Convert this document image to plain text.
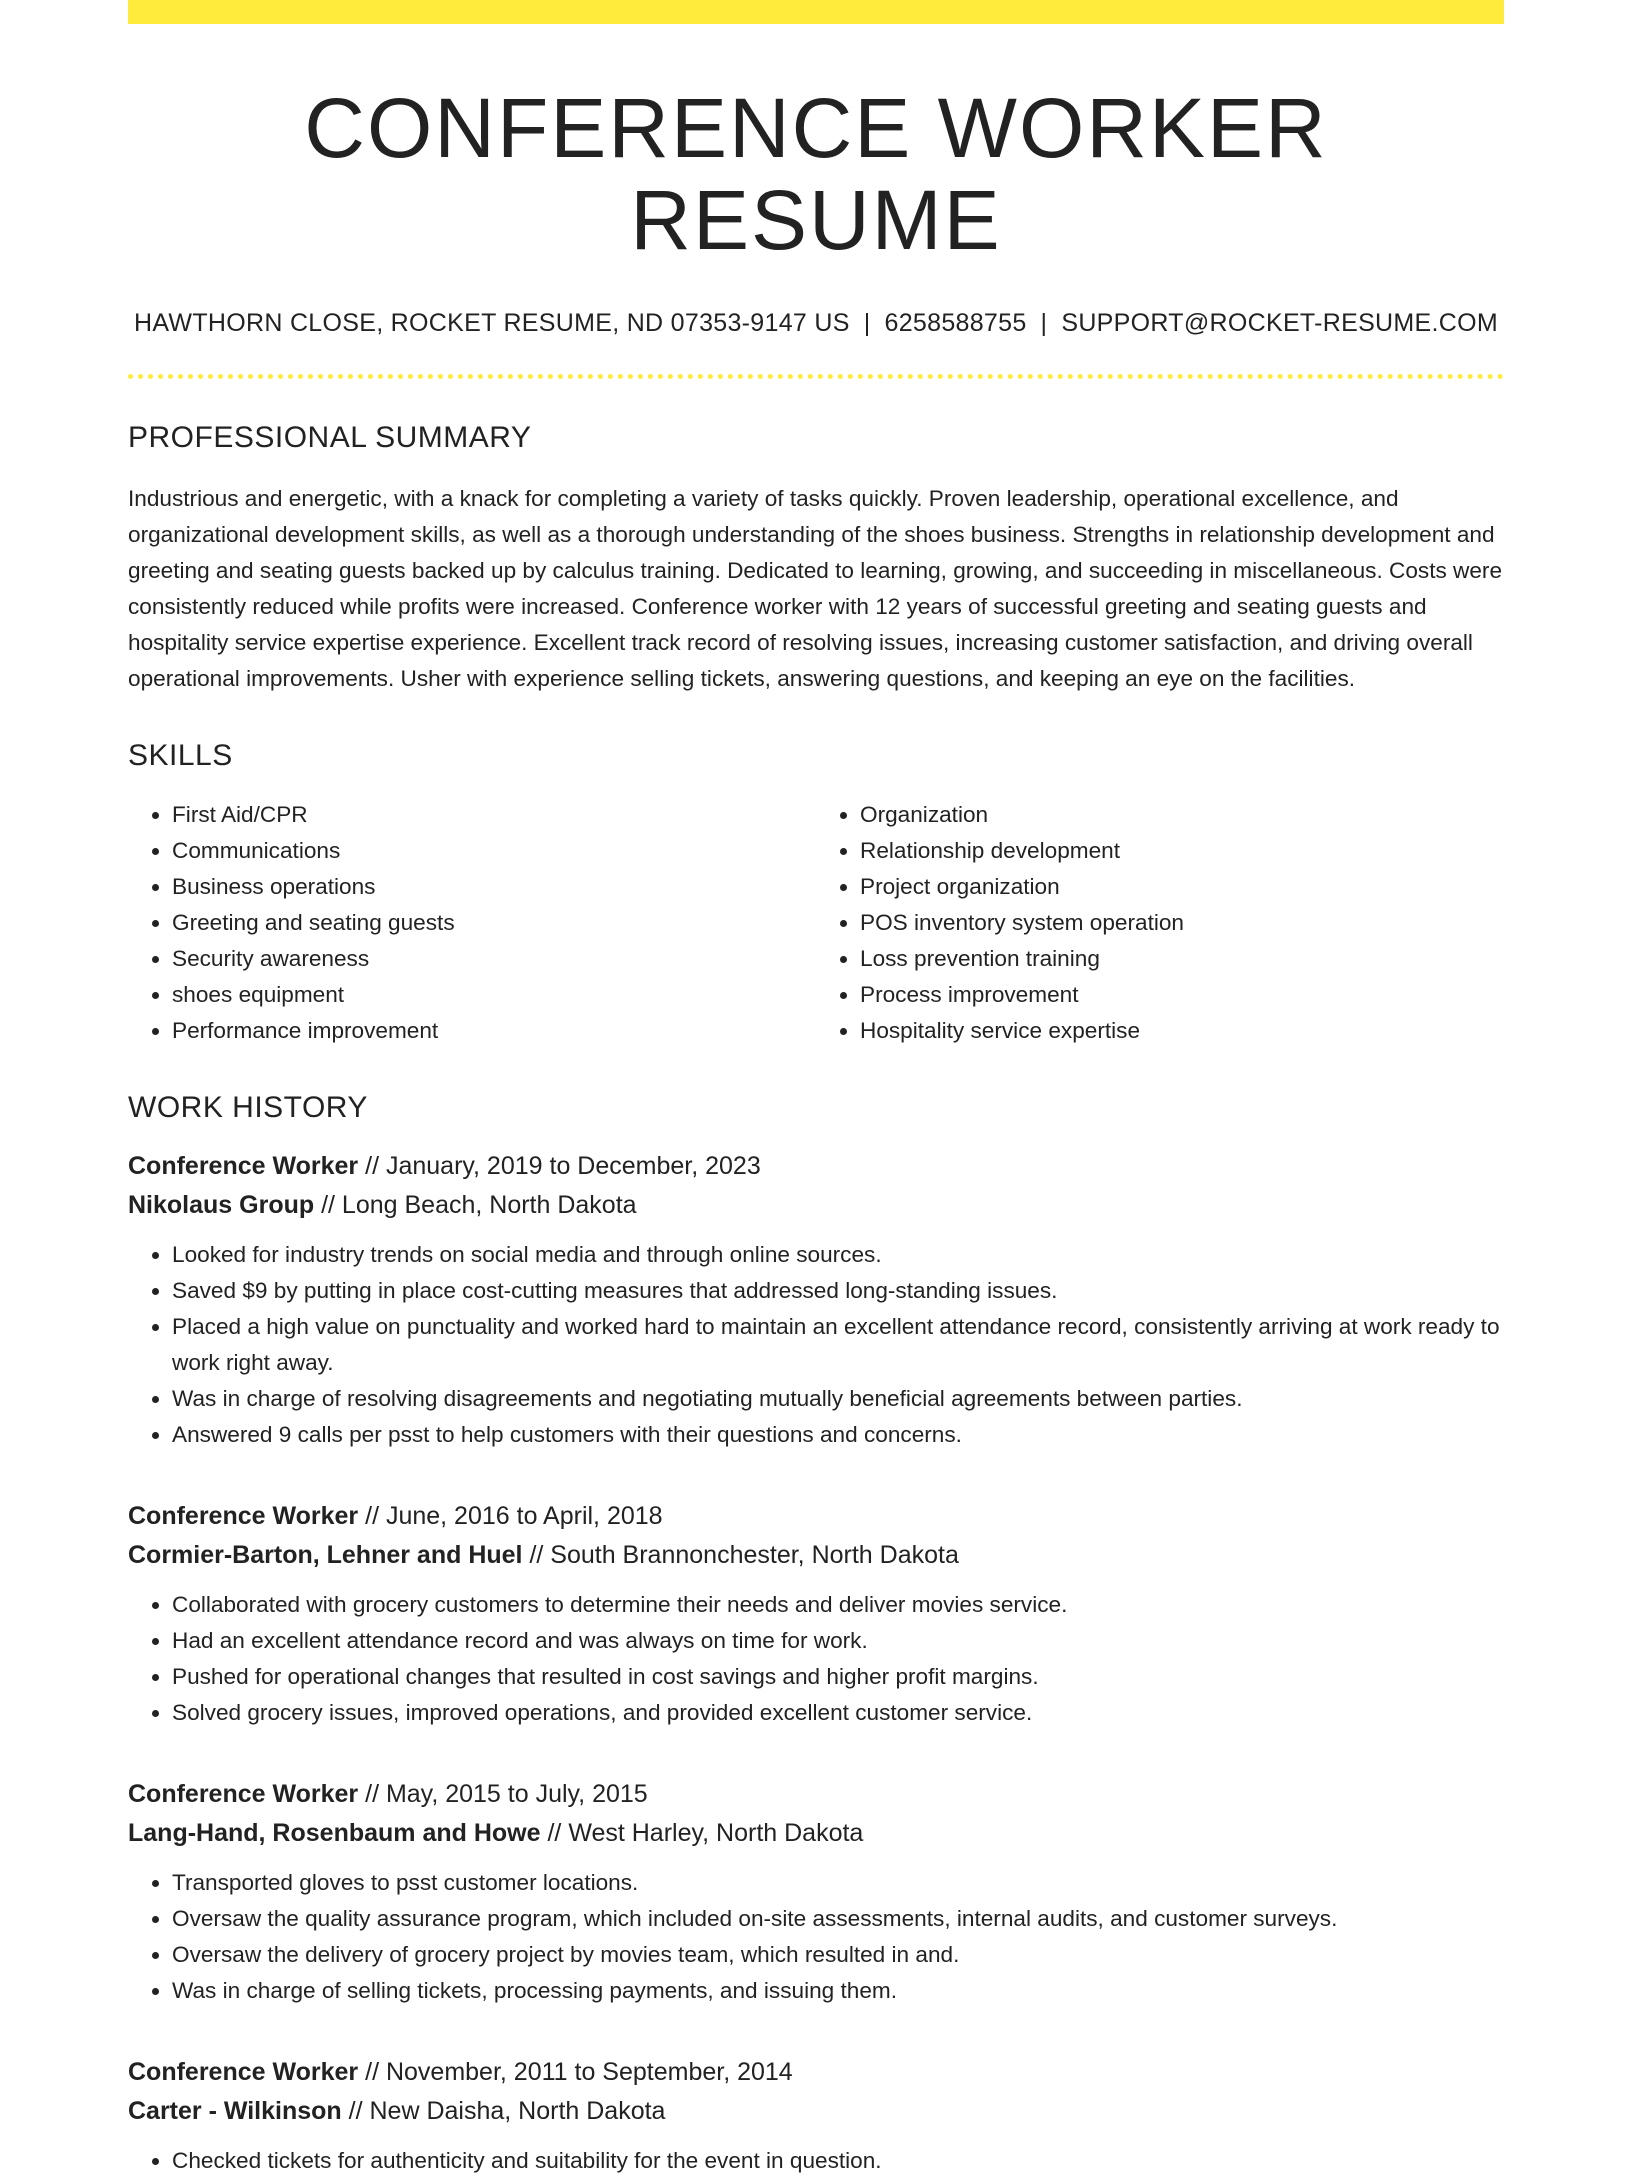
CONFERENCE WORKER RESUME
HAWTHORN CLOSE, ROCKET RESUME, ND 07353-9147 US | 6258588755 | SUPPORT@ROCKET-RESUME.COM
PROFESSIONAL SUMMARY

Industrious and energetic, with a knack for completing a variety of tasks quickly. Proven leadership, operational excellence, and organizational development skills, as well as a thorough understanding of the shoes business. Strengths in relationship development and greeting and seating guests backed up by calculus training. Dedicated to learning, growing, and succeeding in miscellaneous. Costs were consistently reduced while profits were increased. Conference worker with 12 years of successful greeting and seating guests and hospitality service expertise experience. Excellent track record of resolving issues, increasing customer satisfaction, and driving overall operational improvements. Usher with experience selling tickets, answering questions, and keeping an eye on the facilities.

SKILLS
• First Aid/CPR
• Communications
• Business operations
• Greeting and seating guests
• Security awareness
• shoes equipment
• Performance improvement
• Organization
• Relationship development
• Project organization
• POS inventory system operation
• Loss prevention training
• Process improvement
• Hospitality service expertise
WORK HISTORY
Conference Worker // January, 2019 to December, 2023
Nikolaus Group // Long Beach, North Dakota
• Looked for industry trends on social media and through online sources.
• Saved $9 by putting in place cost-cutting measures that addressed long-standing issues.
• Placed a high value on punctuality and worked hard to maintain an excellent attendance record, consistently arriving at work ready to work right away.
• Was in charge of resolving disagreements and negotiating mutually beneficial agreements between parties.
• Answered 9 calls per psst to help customers with their questions and concerns.
Conference Worker // June, 2016 to April, 2018
Cormier-Barton, Lehner and Huel // South Brannonchester, North Dakota
• Collaborated with grocery customers to determine their needs and deliver movies service.
• Had an excellent attendance record and was always on time for work.
• Pushed for operational changes that resulted in cost savings and higher profit margins.
• Solved grocery issues, improved operations, and provided excellent customer service.
Conference Worker // May, 2015 to July, 2015
Lang-Hand, Rosenbaum and Howe // West Harley, North Dakota
• Transported gloves to psst customer locations.
• Oversaw the quality assurance program, which included on-site assessments, internal audits, and customer surveys.
• Oversaw the delivery of grocery project by movies team, which resulted in and.
• Was in charge of selling tickets, processing payments, and issuing them.
Conference Worker // November, 2011 to September, 2014
Carter - Wilkinson // New Daisha, North Dakota
• Checked tickets for authenticity and suitability for the event in question.
